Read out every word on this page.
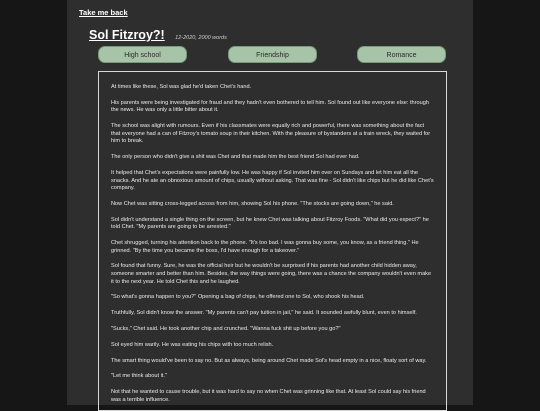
Take me back
Sol Fitzroy?! 12-2020, 2000 words
High school	Friendship	Romance

At times like these, Sol was glad he'd taken Chet's hand.

His parents were being investigated for fraud and they hadn't even bothered to tell him. Sol found out like everyone else: through the news. He was only a little bitter about it.

The school was alight with rumours. Even if his classmates were equally rich and powerful, there was something about the fact that everyone had a can of Fitzroy's tomato soup in their kitchen. With the pleasure of bystanders at a train wreck, they waited for him to break.

The only person who didn't give a shit was Chet and that made him the best friend Sol had ever had.

It helped that Chet's expectations were painfully low. He was happy if Sol invited him over on Sundays and let him eat all the snacks. And he ate an obnoxious amount of chips, usually without asking. That was fine - Sol didn't like chips but he did like Chet's company.

Now Chet was sitting cross-legged across from him, showing Sol his phone. "The stocks are going down," he said.

Sol didn't understand a single thing on the screen, but he knew Chet was talking about Fitzroy Foods. "What did you expect?" he told Chet. "My parents are going to be arrested."

Chet shrugged, turning his attention back to the phone. "It's too bad. I was gonna buy some, you know, as a friend thing." He grinned. "By the time you became the boss, I'd have enough for a takeover."

Sol found that funny. Sure, he was the official heir but he wouldn't be surprised if his parents had another child hidden away, someone smarter and better than him. Besides, the way things were going, there was a chance the company wouldn't even make it to the next year. He told Chet this and he laughed.

"So what's gonna happen to you?" Opening a bag of chips, he offered one to Sol, who shook his head.

Truthfully, Sol didn't know the answer. "My parents can't pay tuition in jail," he said. It sounded awfully blunt, even to himself.

"Sucks," Chet said. He took another chip and crunched. "Wanna fuck shit up before you go?"

Sol eyed him warily. He was eating his chips with too much relish.

The smart thing would've been to say no. But as always, being around Chet made Sol's head empty in a nice, floaty sort of way.

"Let me think about it."

Not that he wanted to cause trouble, but it was hard to say no when Chet was grinning like that. At least Sol could say his friend was a terrible influence.
